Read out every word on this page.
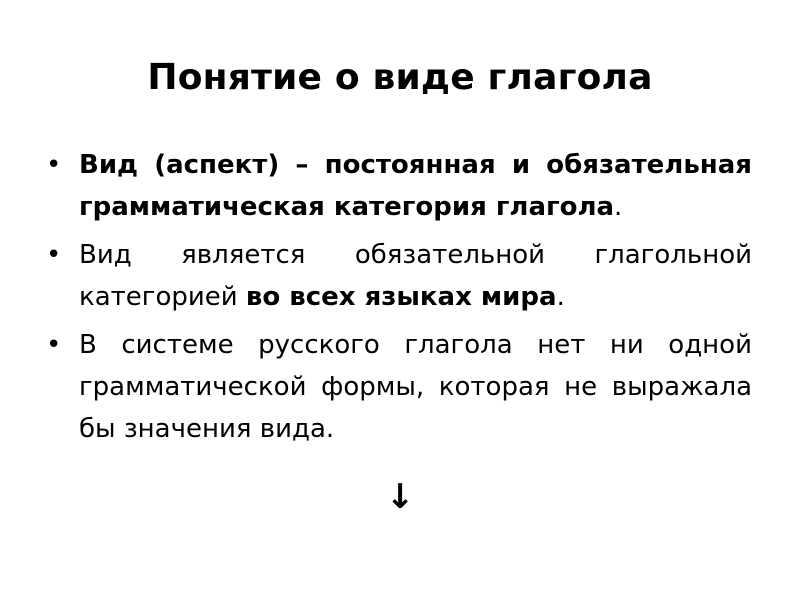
Понятие о виде глагола
• Вид (аспект) – постоянная и обязательная грамматическая категория глагола.
• Вид является обязательной глагольной категорией во всех языках мира.
• В системе русского глагола нет ни одной грамматической формы, которая не выражала бы значения вида.
↓
